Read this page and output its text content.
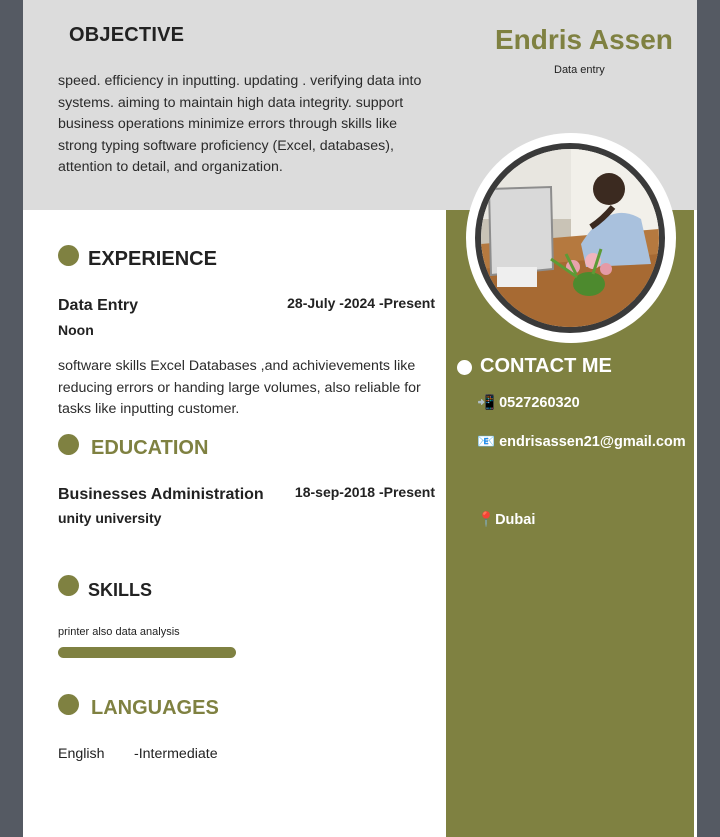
OBJECTIVE

speed. efficiency in inputting. updating . verifying data into systems. aiming to maintain high data integrity. support business operations minimize errors through skills like strong typing software proficiency (Excel, databases), attention to detail, and organization.

Endris Assen
Data entry
EXPERIENCE
Data Entry	28-July -2024 -Present
Noon

software skills Excel Databases ,and achivievements like reducing errors or handing large volumes, also reliable for tasks like inputting customer.

EDUCATION
Businesses Administration 18-sep-2018 -Present
unity university
SKILLS
printer also data analysis
LANGUAGES
English -Intermediate
CONTACT ME
📲 0527260320
📧 endrisassen21@gmail.com
📍Dubai
